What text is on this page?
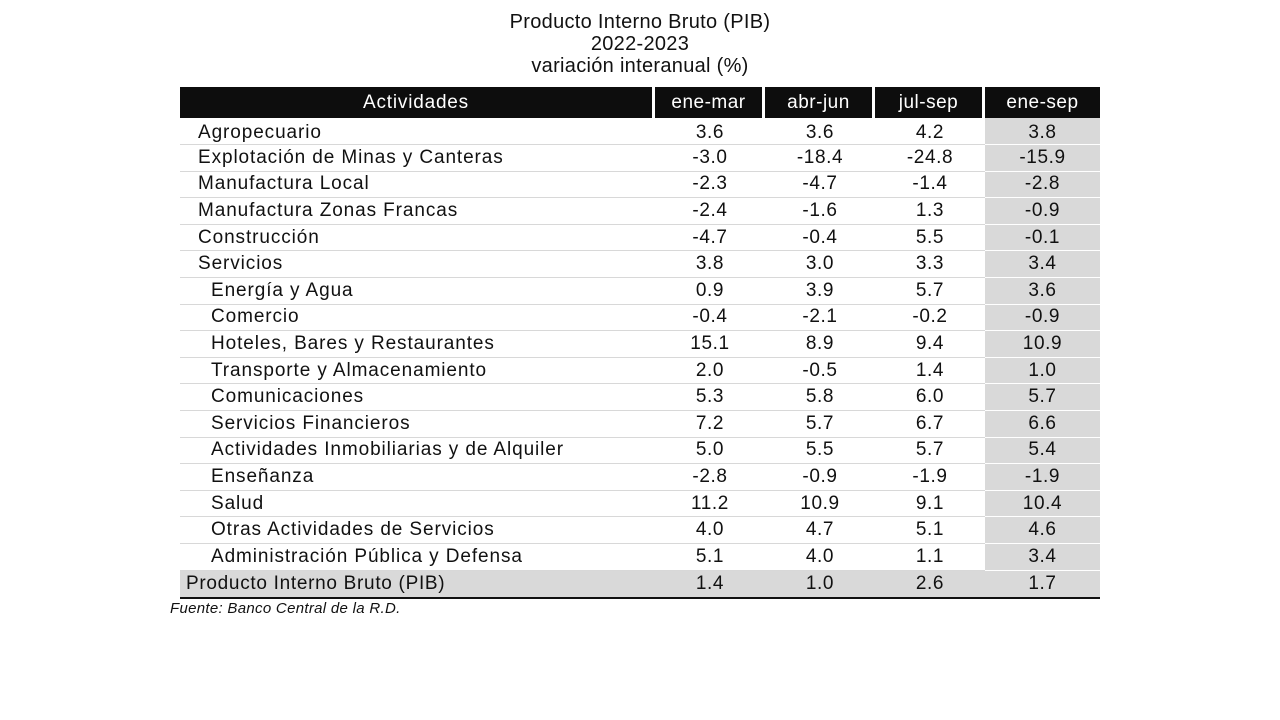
Producto Interno Bruto (PIB)
2022-2023
variación interanual (%)
Actividades	ene-mar	abr-jun	jul-sep	ene-sep
Agropecuario	3.6	3.6	4.2	3.8
Explotación de Minas y Canteras	-3.0	-18.4	-24.8	-15.9
Manufactura Local	-2.3	-4.7	-1.4	-2.8
Manufactura Zonas Francas	-2.4	-1.6	1.3	-0.9
Construcción	-4.7	-0.4	5.5	-0.1
Servicios	3.8	3.0	3.3	3.4
Energía y Agua	0.9	3.9	5.7	3.6
Comercio	-0.4	-2.1	-0.2	-0.9
Hoteles, Bares y Restaurantes	15.1	8.9	9.4	10.9
Transporte y Almacenamiento	2.0	-0.5	1.4	1.0
Comunicaciones	5.3	5.8	6.0	5.7
Servicios Financieros	7.2	5.7	6.7	6.6
Actividades Inmobiliarias y de Alquiler	5.0	5.5	5.7	5.4
Enseñanza	-2.8	-0.9	-1.9	-1.9
Salud	11.2	10.9	9.1	10.4
Otras Actividades de Servicios	4.0	4.7	5.1	4.6
Administración Pública y Defensa	5.1	4.0	1.1	3.4
Producto Interno Bruto (PIB)	1.4	1.0	2.6	1.7
Fuente: Banco Central de la R.D.
